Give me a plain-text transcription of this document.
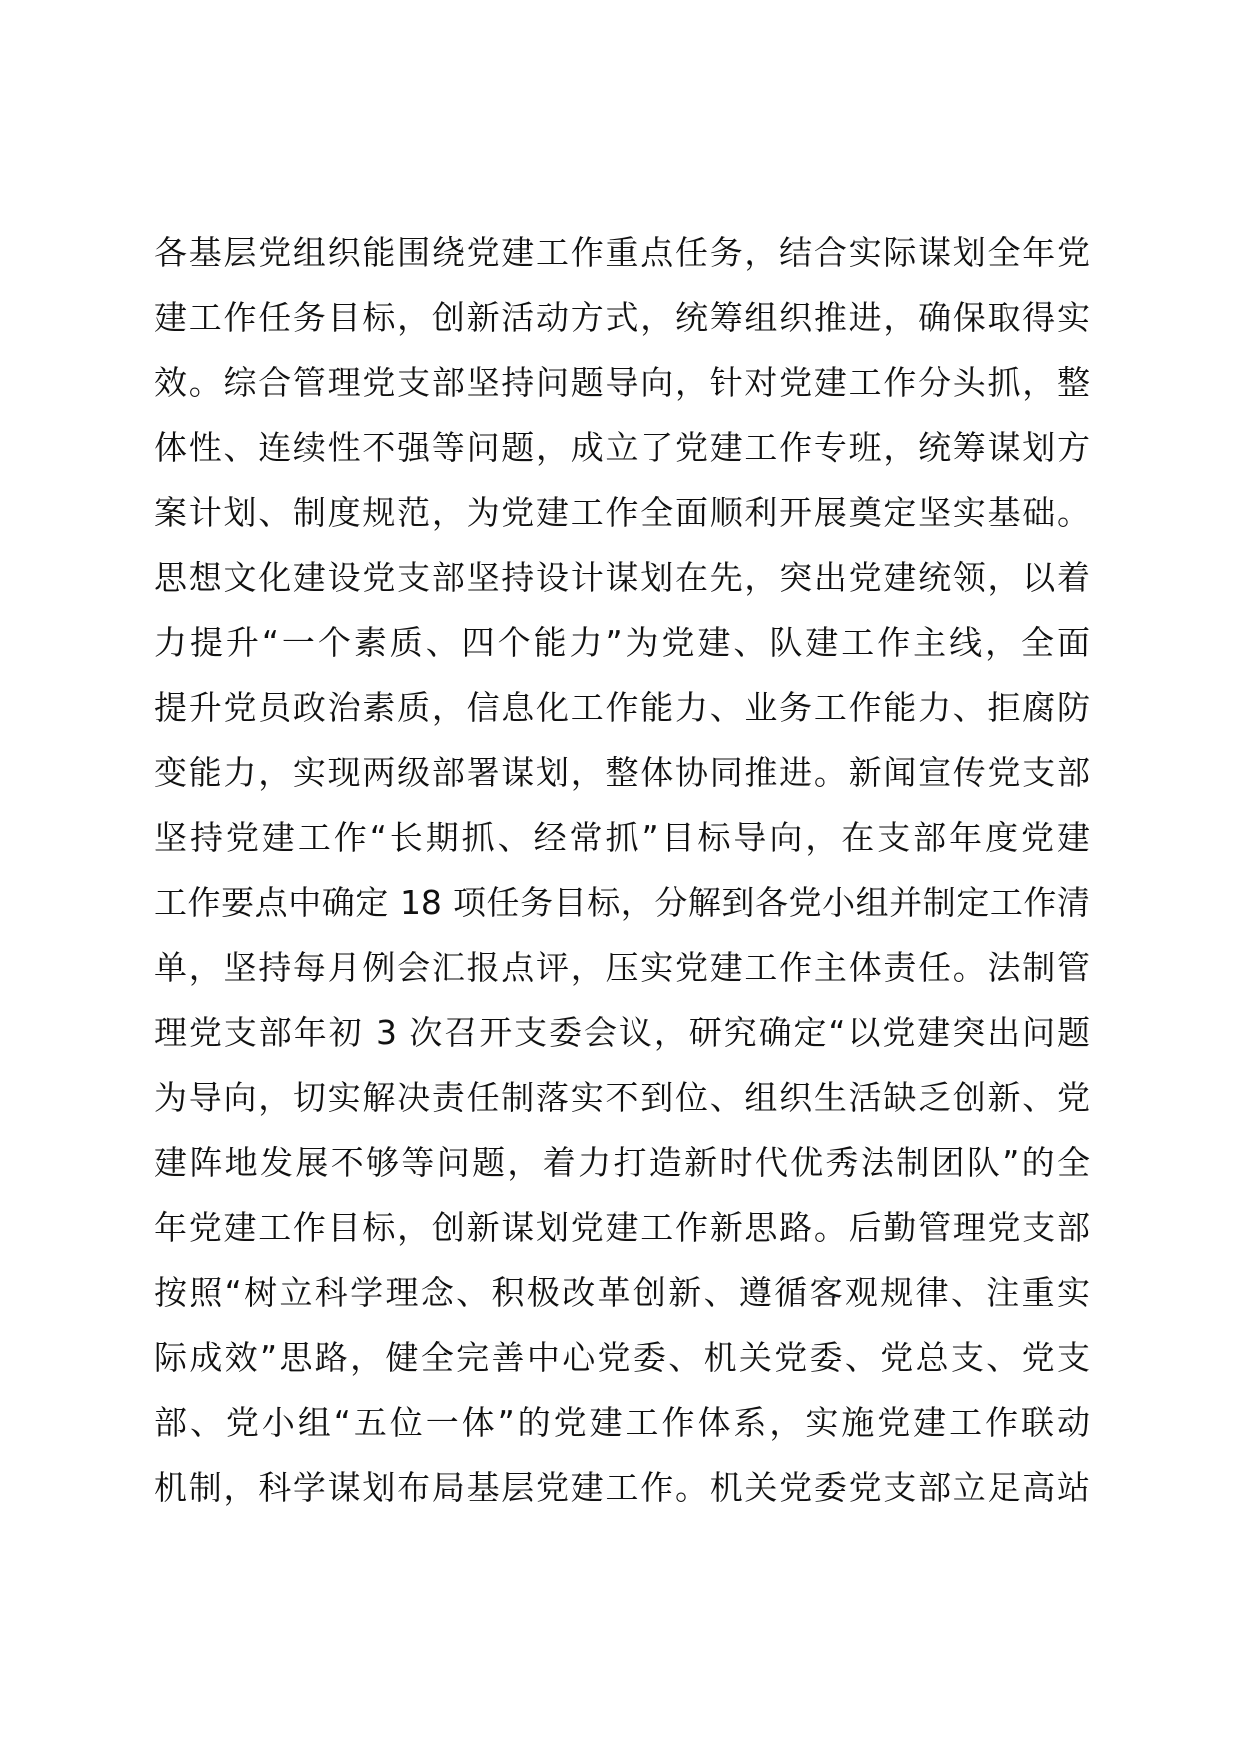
各基层党组织能围绕党建工作重点任务，结合实际谋划全年党
建工作任务目标，创新活动方式，统筹组织推进，确保取得实
效。综合管理党支部坚持问题导向，针对党建工作分头抓，整
体性、连续性不强等问题，成立了党建工作专班，统筹谋划方
案计划、制度规范，为党建工作全面顺利开展奠定坚实基础。
思想文化建设党支部坚持设计谋划在先，突出党建统领，以着
力提升“一个素质、四个能力”为党建、队建工作主线，全面
提升党员政治素质，信息化工作能力、业务工作能力、拒腐防
变能力，实现两级部署谋划，整体协同推进。新闻宣传党支部
坚持党建工作“长期抓、经常抓”目标导向，在支部年度党建
工作要点中确定 18 项任务目标，分解到各党小组并制定工作清
单，坚持每月例会汇报点评，压实党建工作主体责任。法制管
理党支部年初 3 次召开支委会议，研究确定“以党建突出问题
为导向，切实解决责任制落实不到位、组织生活缺乏创新、党
建阵地发展不够等问题，着力打造新时代优秀法制团队”的全
年党建工作目标，创新谋划党建工作新思路。后勤管理党支部
按照“树立科学理念、积极改革创新、遵循客观规律、注重实
际成效”思路，健全完善中心党委、机关党委、党总支、党支
部、党小组“五位一体”的党建工作体系，实施党建工作联动
机制，科学谋划布局基层党建工作。机关党委党支部立足高站
